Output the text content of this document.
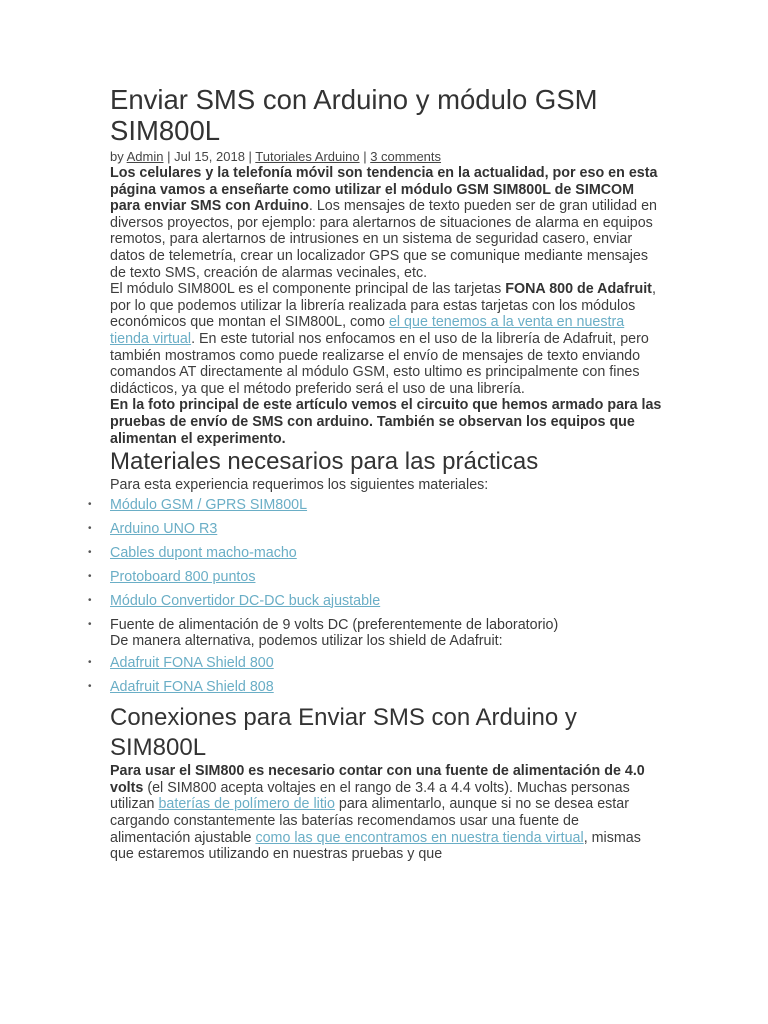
Enviar SMS con Arduino y módulo GSM SIM800L
by Admin | Jul 15, 2018 | Tutoriales Arduino | 3 comments

Los celulares y la telefonía móvil son tendencia en la actualidad, por eso en esta página vamos a enseñarte como utilizar el módulo GSM SIM800L de SIMCOM para enviar SMS con Arduino. Los mensajes de texto pueden ser de gran utilidad en diversos proyectos, por ejemplo: para alertarnos de situaciones de alarma en equipos remotos, para alertarnos de intrusiones en un sistema de seguridad casero, enviar datos de telemetría, crear un localizador GPS que se comunique mediante mensajes de texto SMS, creación de alarmas vecinales, etc.

El módulo SIM800L es el componente principal de las tarjetas FONA 800 de Adafruit, por lo que podemos utilizar la librería realizada para estas tarjetas con los módulos económicos que montan el SIM800L, como el que tenemos a la venta en nuestra tienda virtual. En este tutorial nos enfocamos en el uso de la librería de Adafruit, pero también mostramos como puede realizarse el envío de mensajes de texto enviando comandos AT directamente al módulo GSM, esto ultimo es principalmente con fines didácticos, ya que el método preferido será el uso de una librería.

En la foto principal de este artículo vemos el circuito que hemos armado para las pruebas de envío de SMS con arduino. También se observan los equipos que alimentan el experimento.

Materiales necesarios para las prácticas

Para esta experiencia requerimos los siguientes materiales:

• Módulo GSM / GPRS SIM800L
• Arduino UNO R3
• Cables dupont macho-macho
• Protoboard 800 puntos
• Módulo Convertidor DC-DC buck ajustable
• Fuente de alimentación de 9 volts DC (preferentemente de laboratorio)
De manera alternativa, podemos utilizar los shield de Adafruit:
• Adafruit FONA Shield 800
• Adafruit FONA Shield 808
Conexiones para Enviar SMS con Arduino y SIM800L

Para usar el SIM800 es necesario contar con una fuente de alimentación de 4.0 volts (el SIM800 acepta voltajes en el rango de 3.4 a 4.4 volts). Muchas personas utilizan baterías de polímero de litio para alimentarlo, aunque si no se desea estar cargando constantemente las baterías recomendamos usar una fuente de alimentación ajustable como las que encontramos en nuestra tienda virtual, mismas que estaremos utilizando en nuestras pruebas y que
